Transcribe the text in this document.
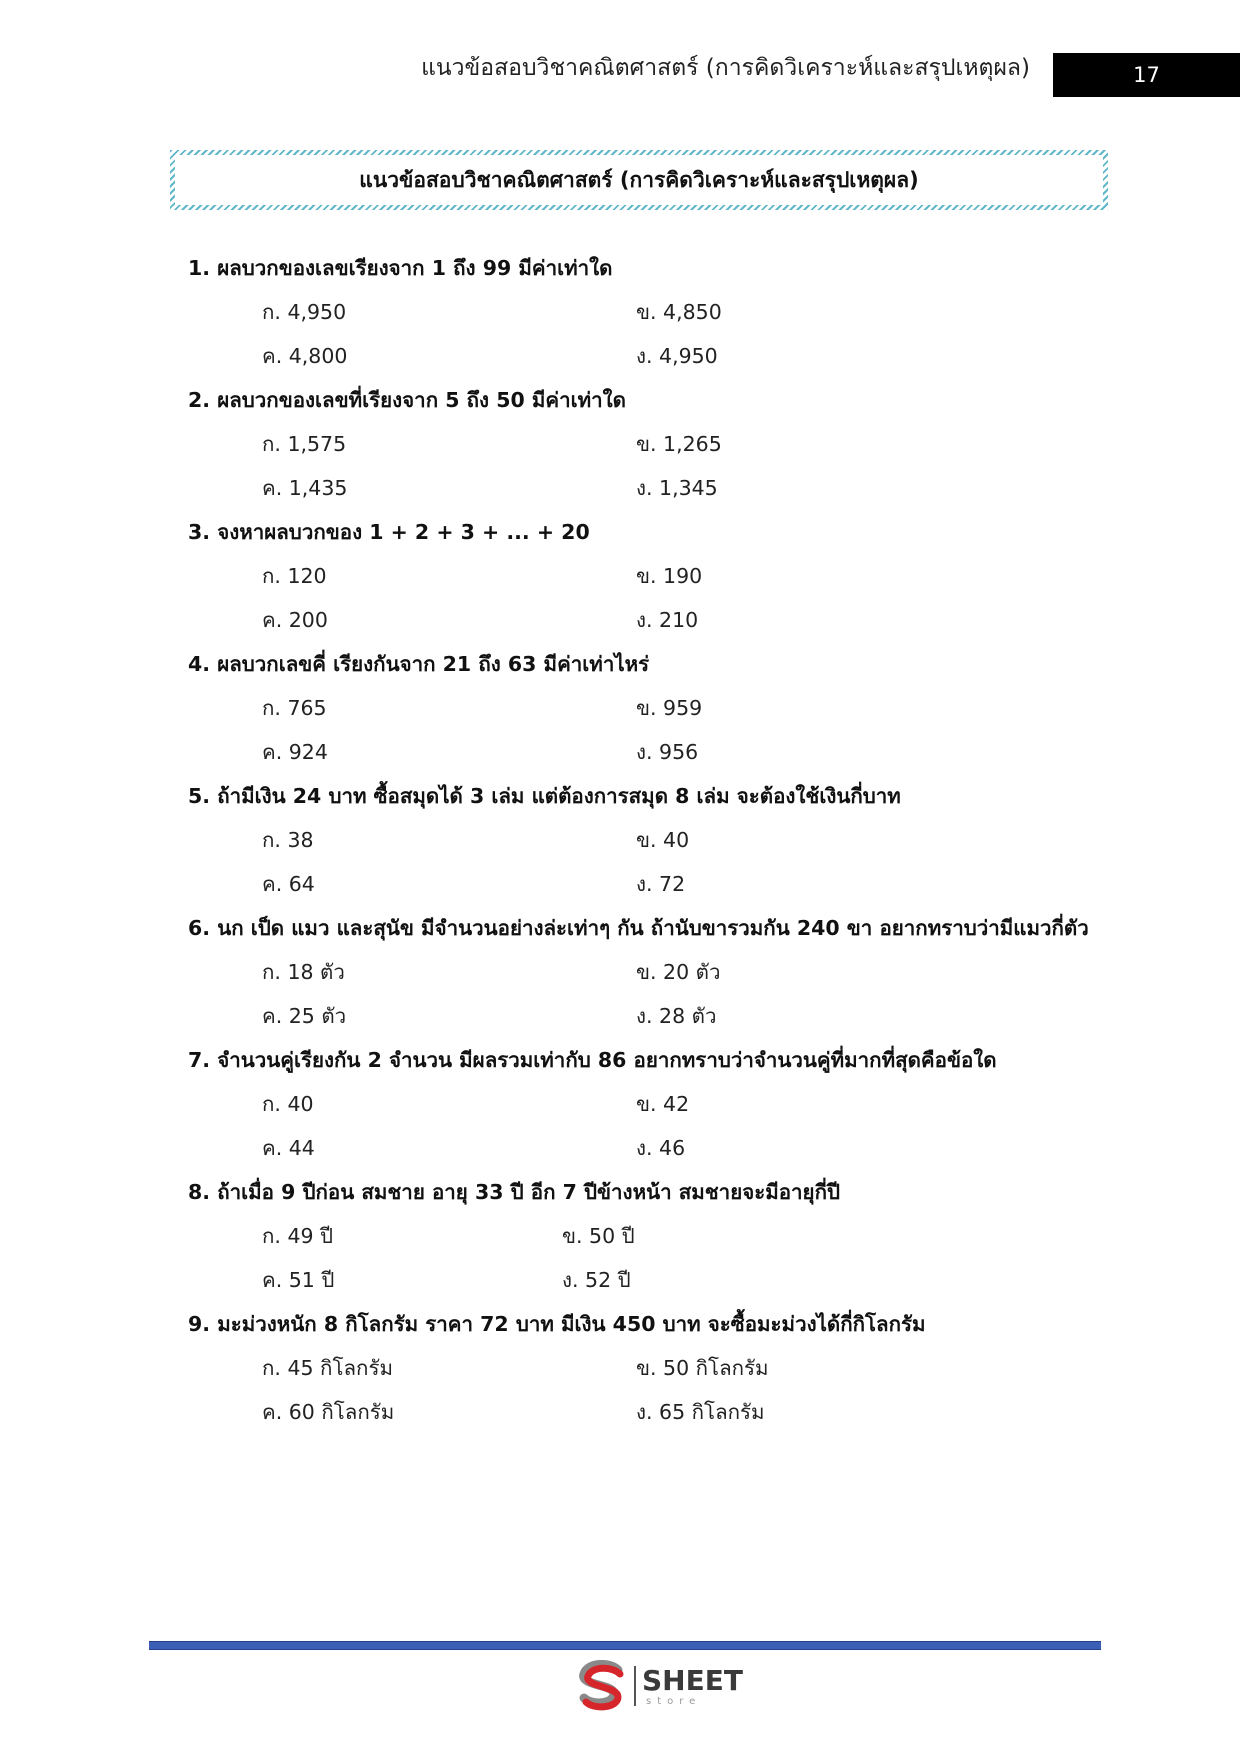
แนวข้อสอบวิชาคณิตศาสตร์ (การคิดวิเคราะห์และสรุปเหตุผล)	17
แนวข้อสอบวิชาคณิตศาสตร์ (การคิดวิเคราะห์และสรุปเหตุผล)
1. ผลบวกของเลขเรียงจาก 1 ถึง 99 มีค่าเท่าใด
ก. 4,950	ข. 4,850
ค. 4,800	ง. 4,950
2. ผลบวกของเลขที่เรียงจาก 5 ถึง 50 มีค่าเท่าใด
ก. 1,575	ข. 1,265
ค. 1,435	ง. 1,345
3. จงหาผลบวกของ 1 + 2 + 3 + ... + 20
ก. 120	ข. 190
ค. 200	ง. 210
4. ผลบวกเลขคี่ เรียงกันจาก 21 ถึง 63 มีค่าเท่าไหร่
ก. 765	ข. 959
ค. 924	ง. 956
5. ถ้ามีเงิน 24 บาท ซื้อสมุดได้ 3 เล่ม แต่ต้องการสมุด 8 เล่ม จะต้องใช้เงินกี่บาท
ก. 38	ข. 40
ค. 64	ง. 72
6. นก เป็ด แมว และสุนัข มีจำนวนอย่างล่ะเท่าๆ กัน ถ้านับขารวมกัน 240 ขา อยากทราบว่ามีแมวกี่ตัว
ก. 18 ตัว	ข. 20 ตัว
ค. 25 ตัว	ง. 28 ตัว
7. จำนวนคู่เรียงกัน 2 จำนวน มีผลรวมเท่ากับ 86 อยากทราบว่าจำนวนคู่ที่มากที่สุดคือข้อใด
ก. 40	ข. 42
ค. 44	ง. 46
8. ถ้าเมื่อ 9 ปีก่อน สมชาย อายุ 33 ปี อีก 7 ปีข้างหน้า สมชายจะมีอายุกี่ปี
ก. 49 ปี	ข. 50 ปี
ค. 51 ปี	ง. 52 ปี
9. มะม่วงหนัก 8 กิโลกรัม ราคา 72 บาท มีเงิน 450 บาท จะซื้อมะม่วงได้กี่กิโลกรัม
ก. 45 กิโลกรัม	ข. 50 กิโลกรัม
ค. 60 กิโลกรัม	ง. 65 กิโลกรัม
SHEET
store
